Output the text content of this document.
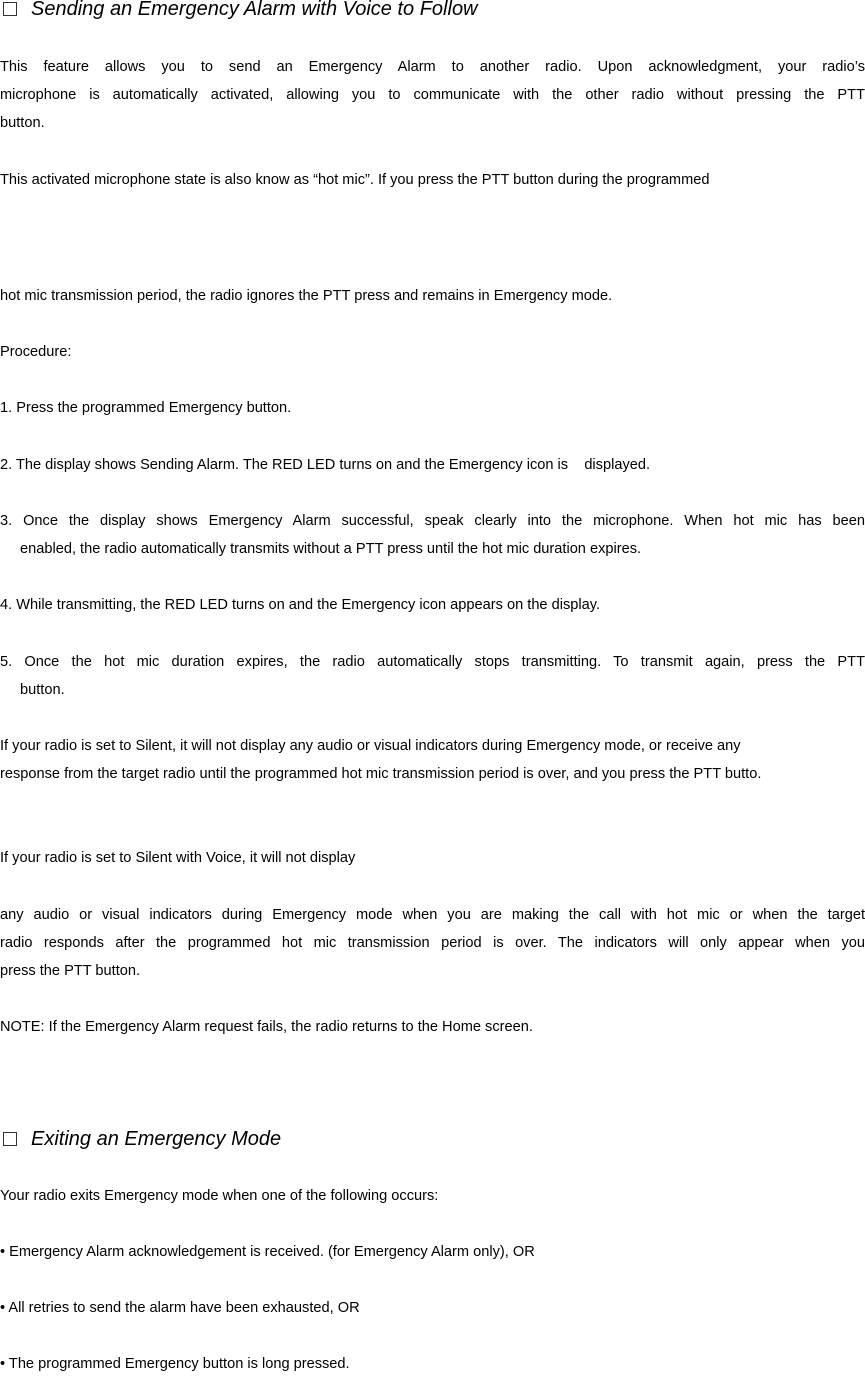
Sending an Emergency Alarm with Voice to Follow
This feature allows you to send an Emergency Alarm to another radio. Upon acknowledgment, your radio’s
microphone is automatically activated, allowing you to communicate with the other radio without pressing the PTT
button.
This activated microphone state is also know as “hot mic”. If you press the PTT button during the programmed
hot mic transmission period, the radio ignores the PTT press and remains in Emergency mode.
Procedure:
1. Press the programmed Emergency button.
2. The display shows Sending Alarm. The RED LED turns on and the Emergency icon is    displayed.
3. Once the display shows Emergency Alarm successful, speak clearly into the microphone. When hot mic has been
enabled, the radio automatically transmits without a PTT press until the hot mic duration expires.
4. While transmitting, the RED LED turns on and the Emergency icon appears on the display.
5. Once the hot mic duration expires, the radio automatically stops transmitting. To transmit again, press the PTT
button.
If your radio is set to Silent, it will not display any audio or visual indicators during Emergency mode, or receive any
response from the target radio until the programmed hot mic transmission period is over, and you press the PTT butto.
If your radio is set to Silent with Voice, it will not display
any audio or visual indicators during Emergency mode when you are making the call with hot mic or when the target
radio responds after the programmed hot mic transmission period is over. The indicators will only appear when you
press the PTT button.
NOTE: If the Emergency Alarm request fails, the radio returns to the Home screen.
Exiting an Emergency Mode
Your radio exits Emergency mode when one of the following occurs:
• Emergency Alarm acknowledgement is received. (for Emergency Alarm only), OR
• All retries to send the alarm have been exhausted, OR
• The programmed Emergency button is long pressed.
